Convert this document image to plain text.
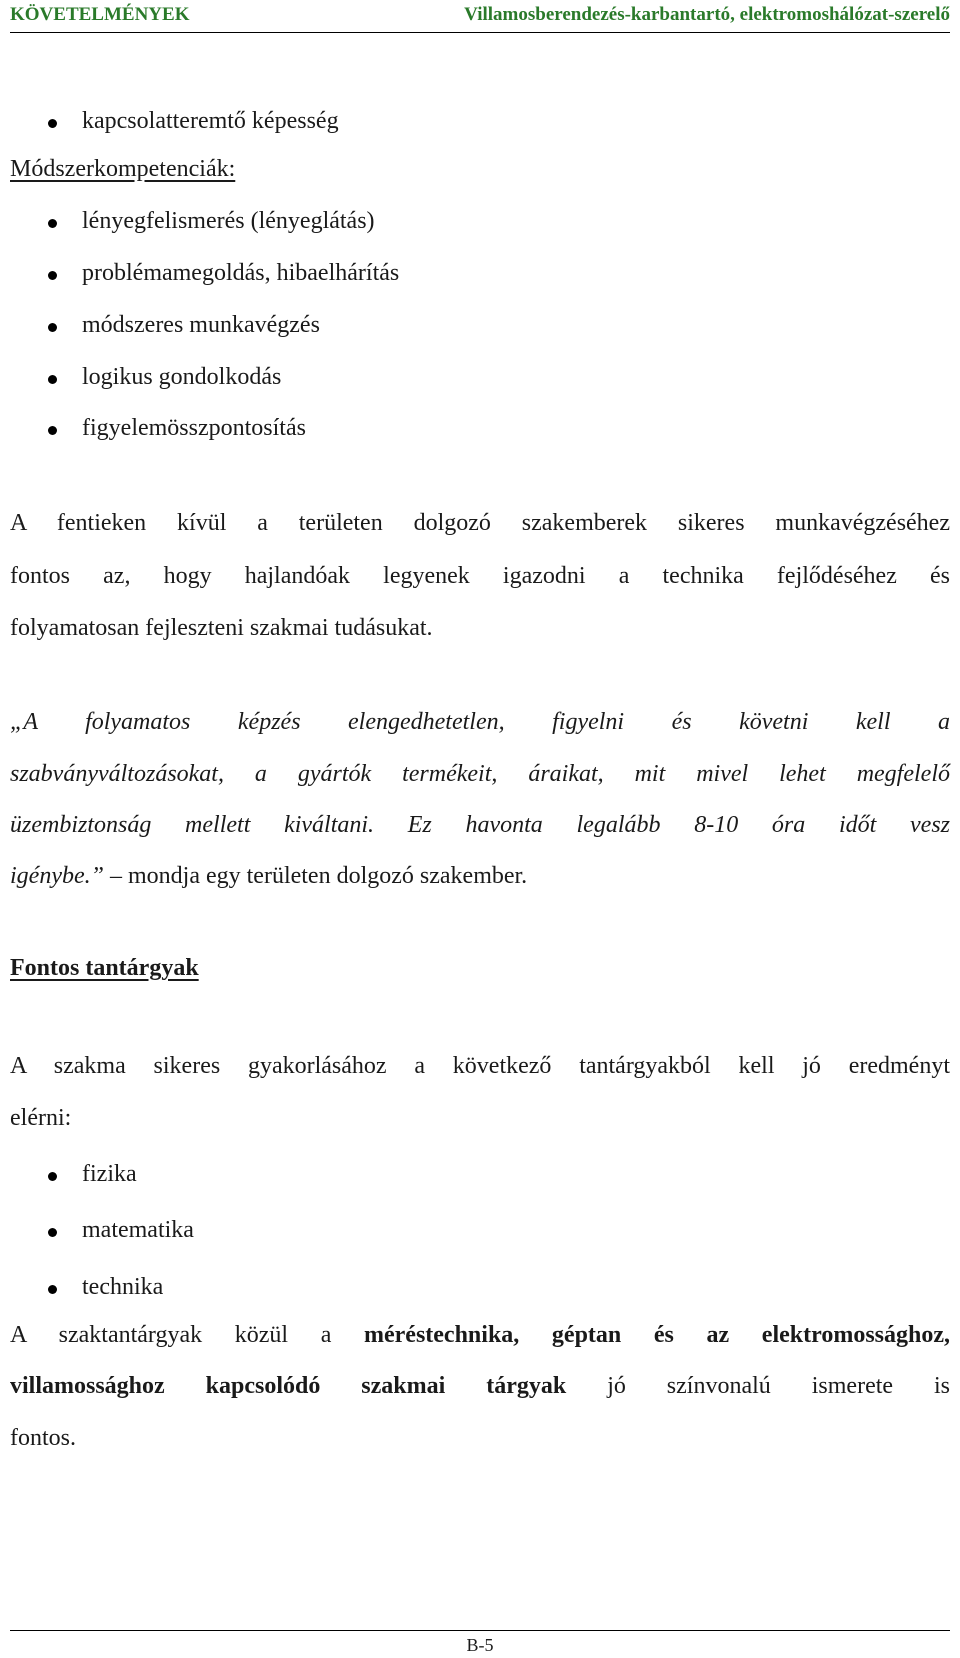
KÖVETELMÉNYEK	Villamosberendezés-karbantartó, elektromoshálózat-szerelő
kapcsolatteremtő képesség
Módszerkompetenciák:
lényegfelismerés (lényeglátás)
problémamegoldás, hibaelhárítás
módszeres munkavégzés
logikus gondolkodás
figyelemösszpontosítás
A fentieken kívül a területen dolgozó szakemberek sikeres munkavégzéséhez
fontos az, hogy hajlandóak legyenek igazodni a technika fejlődéséhez és
folyamatosan fejleszteni szakmai tudásukat.
„A folyamatos képzés elengedhetetlen, figyelni és követni kell a
szabványváltozásokat, a gyártók termékeit, áraikat, mit mivel lehet megfelelő
üzembiztonság mellett kiváltani. Ez havonta legalább 8-10 óra időt vesz
igénybe.” – mondja egy területen dolgozó szakember.
Fontos tantárgyak
A szakma sikeres gyakorlásához a következő tantárgyakból kell jó eredményt
elérni:
fizika
matematika
technika
A szaktantárgyak közül a méréstechnika, géptan és az elektromossághoz,
villamossághoz kapcsolódó szakmai tárgyak jó színvonalú ismerete is
fontos.
B-5
